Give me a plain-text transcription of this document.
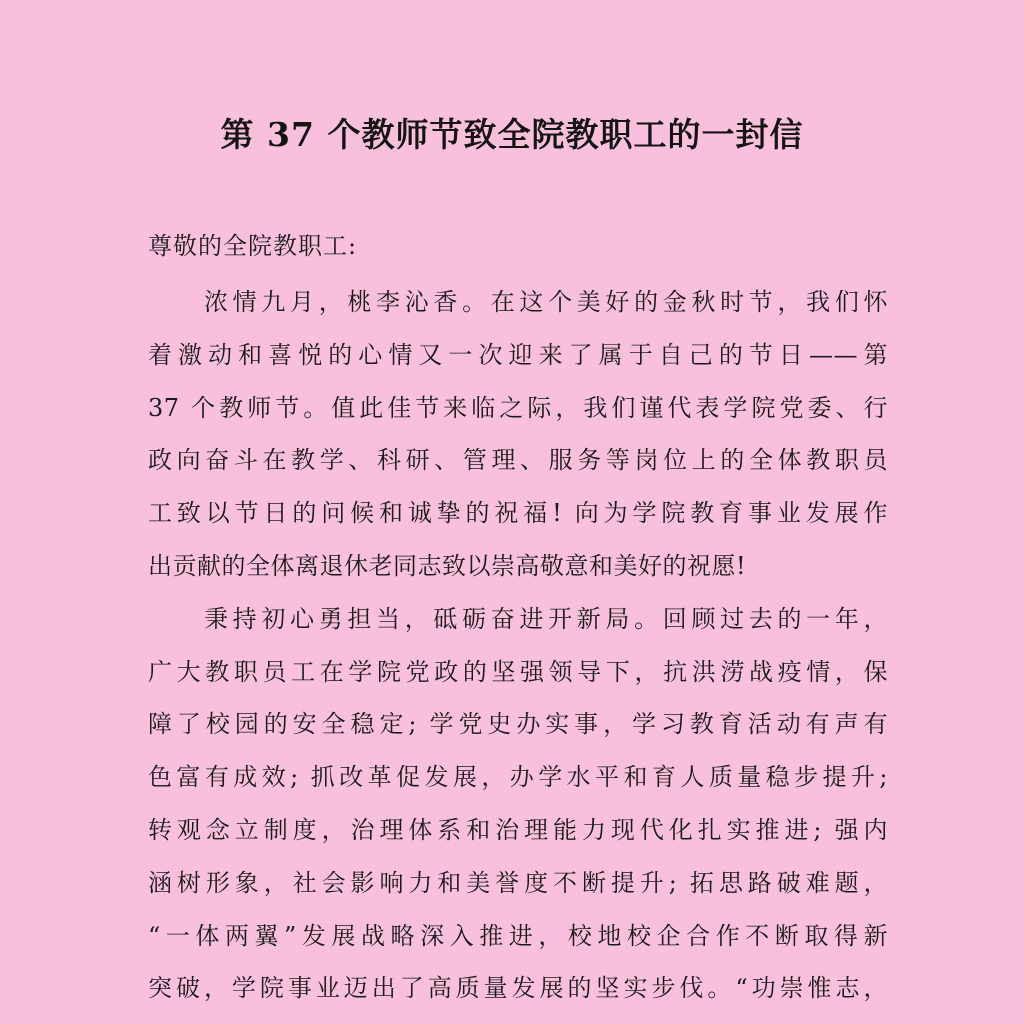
第 37 个教师节致全院教职工的一封信
尊敬的全院教职工:
浓情九月，桃李沁香。在这个美好的金秋时节，我们怀
着激动和喜悦的心情又一次迎来了属于自己的节日——第
37 个教师节。值此佳节来临之际，我们谨代表学院党委、行
政向奋斗在教学、科研、管理、服务等岗位上的全体教职员
工致以节日的问候和诚挚的祝福! 向为学院教育事业发展作
出贡献的全体离退休老同志致以崇高敬意和美好的祝愿!
秉持初心勇担当，砥砺奋进开新局。回顾过去的一年，
广大教职员工在学院党政的坚强领导下，抗洪涝战疫情，保
障了校园的安全稳定; 学党史办实事，学习教育活动有声有
色富有成效; 抓改革促发展，办学水平和育人质量稳步提升;
转观念立制度，治理体系和治理能力现代化扎实推进; 强内
涵树形象，社会影响力和美誉度不断提升; 拓思路破难题，
“一体两翼”发展战略深入推进，校地校企合作不断取得新
突破，学院事业迈出了高质量发展的坚实步伐。“功崇惟志，
